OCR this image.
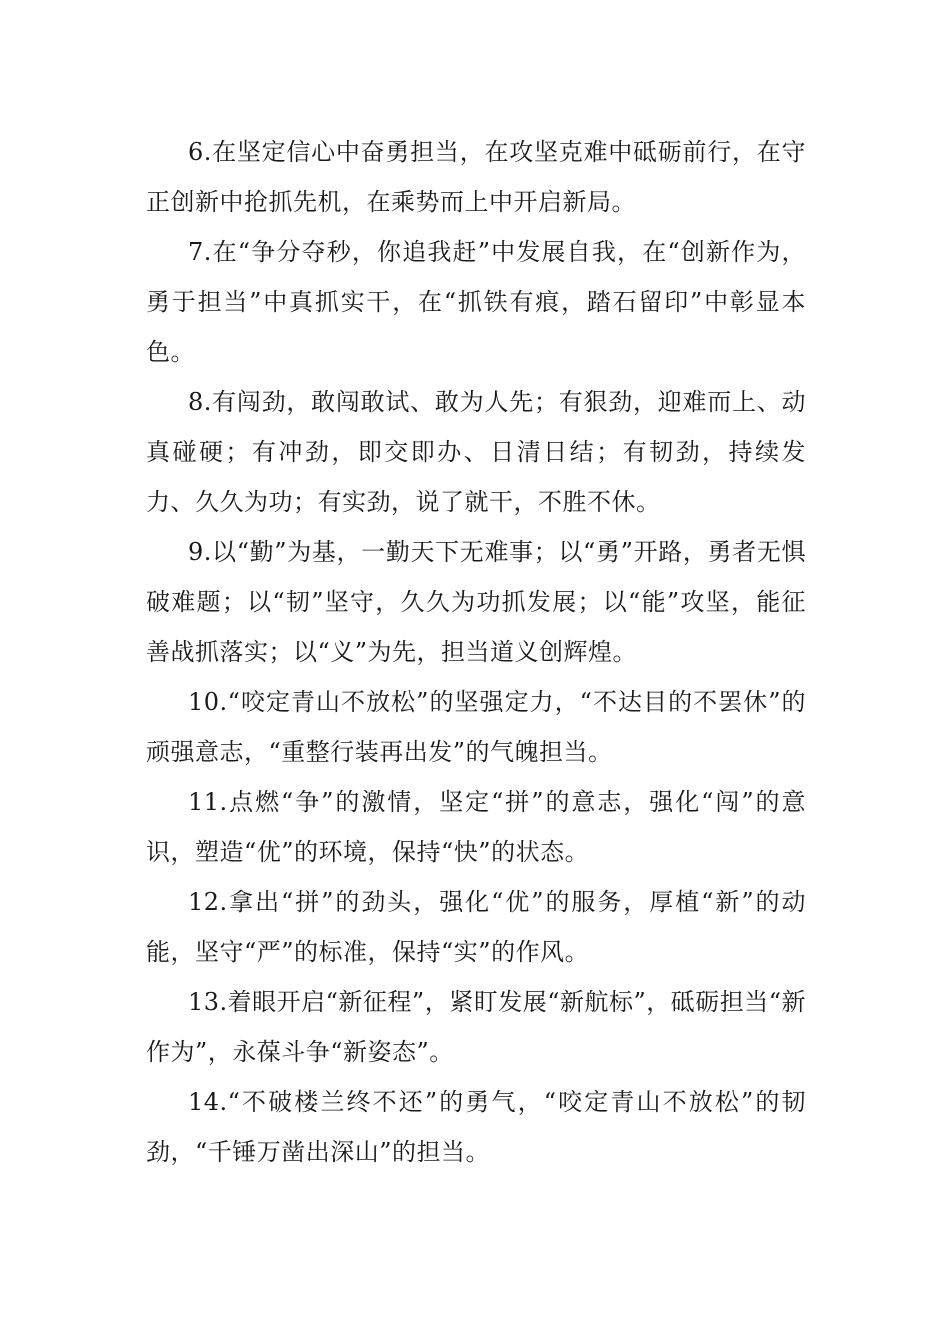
6.在坚定信心中奋勇担当，在攻坚克难中砥砺前行，在守正创新中抢抓先机，在乘势而上中开启新局。

7.在“争分夺秒，你追我赶”中发展自我，在“创新作为，勇于担当”中真抓实干，在“抓铁有痕，踏石留印”中彰显本色。

8.有闯劲，敢闯敢试、敢为人先；有狠劲，迎难而上、动真碰硬；有冲劲，即交即办、日清日结；有韧劲，持续发力、久久为功；有实劲，说了就干，不胜不休。

9.以“勤”为基，一勤天下无难事；以“勇”开路，勇者无惧破难题；以“韧”坚守，久久为功抓发展；以“能”攻坚，能征善战抓落实；以“义”为先，担当道义创辉煌。

10.“咬定青山不放松”的坚强定力，“不达目的不罢休”的顽强意志，“重整行装再出发”的气魄担当。

11.点燃“争”的激情，坚定“拼”的意志，强化“闯”的意识，塑造“优”的环境，保持“快”的状态。

12.拿出“拼”的劲头，强化“优”的服务，厚植“新”的动能，坚守“严”的标准，保持“实”的作风。

13.着眼开启“新征程”，紧盯发展“新航标”，砥砺担当“新作为”，永葆斗争“新姿态”。

14.“不破楼兰终不还”的勇气，“咬定青山不放松”的韧劲，“千锤万凿出深山”的担当。
